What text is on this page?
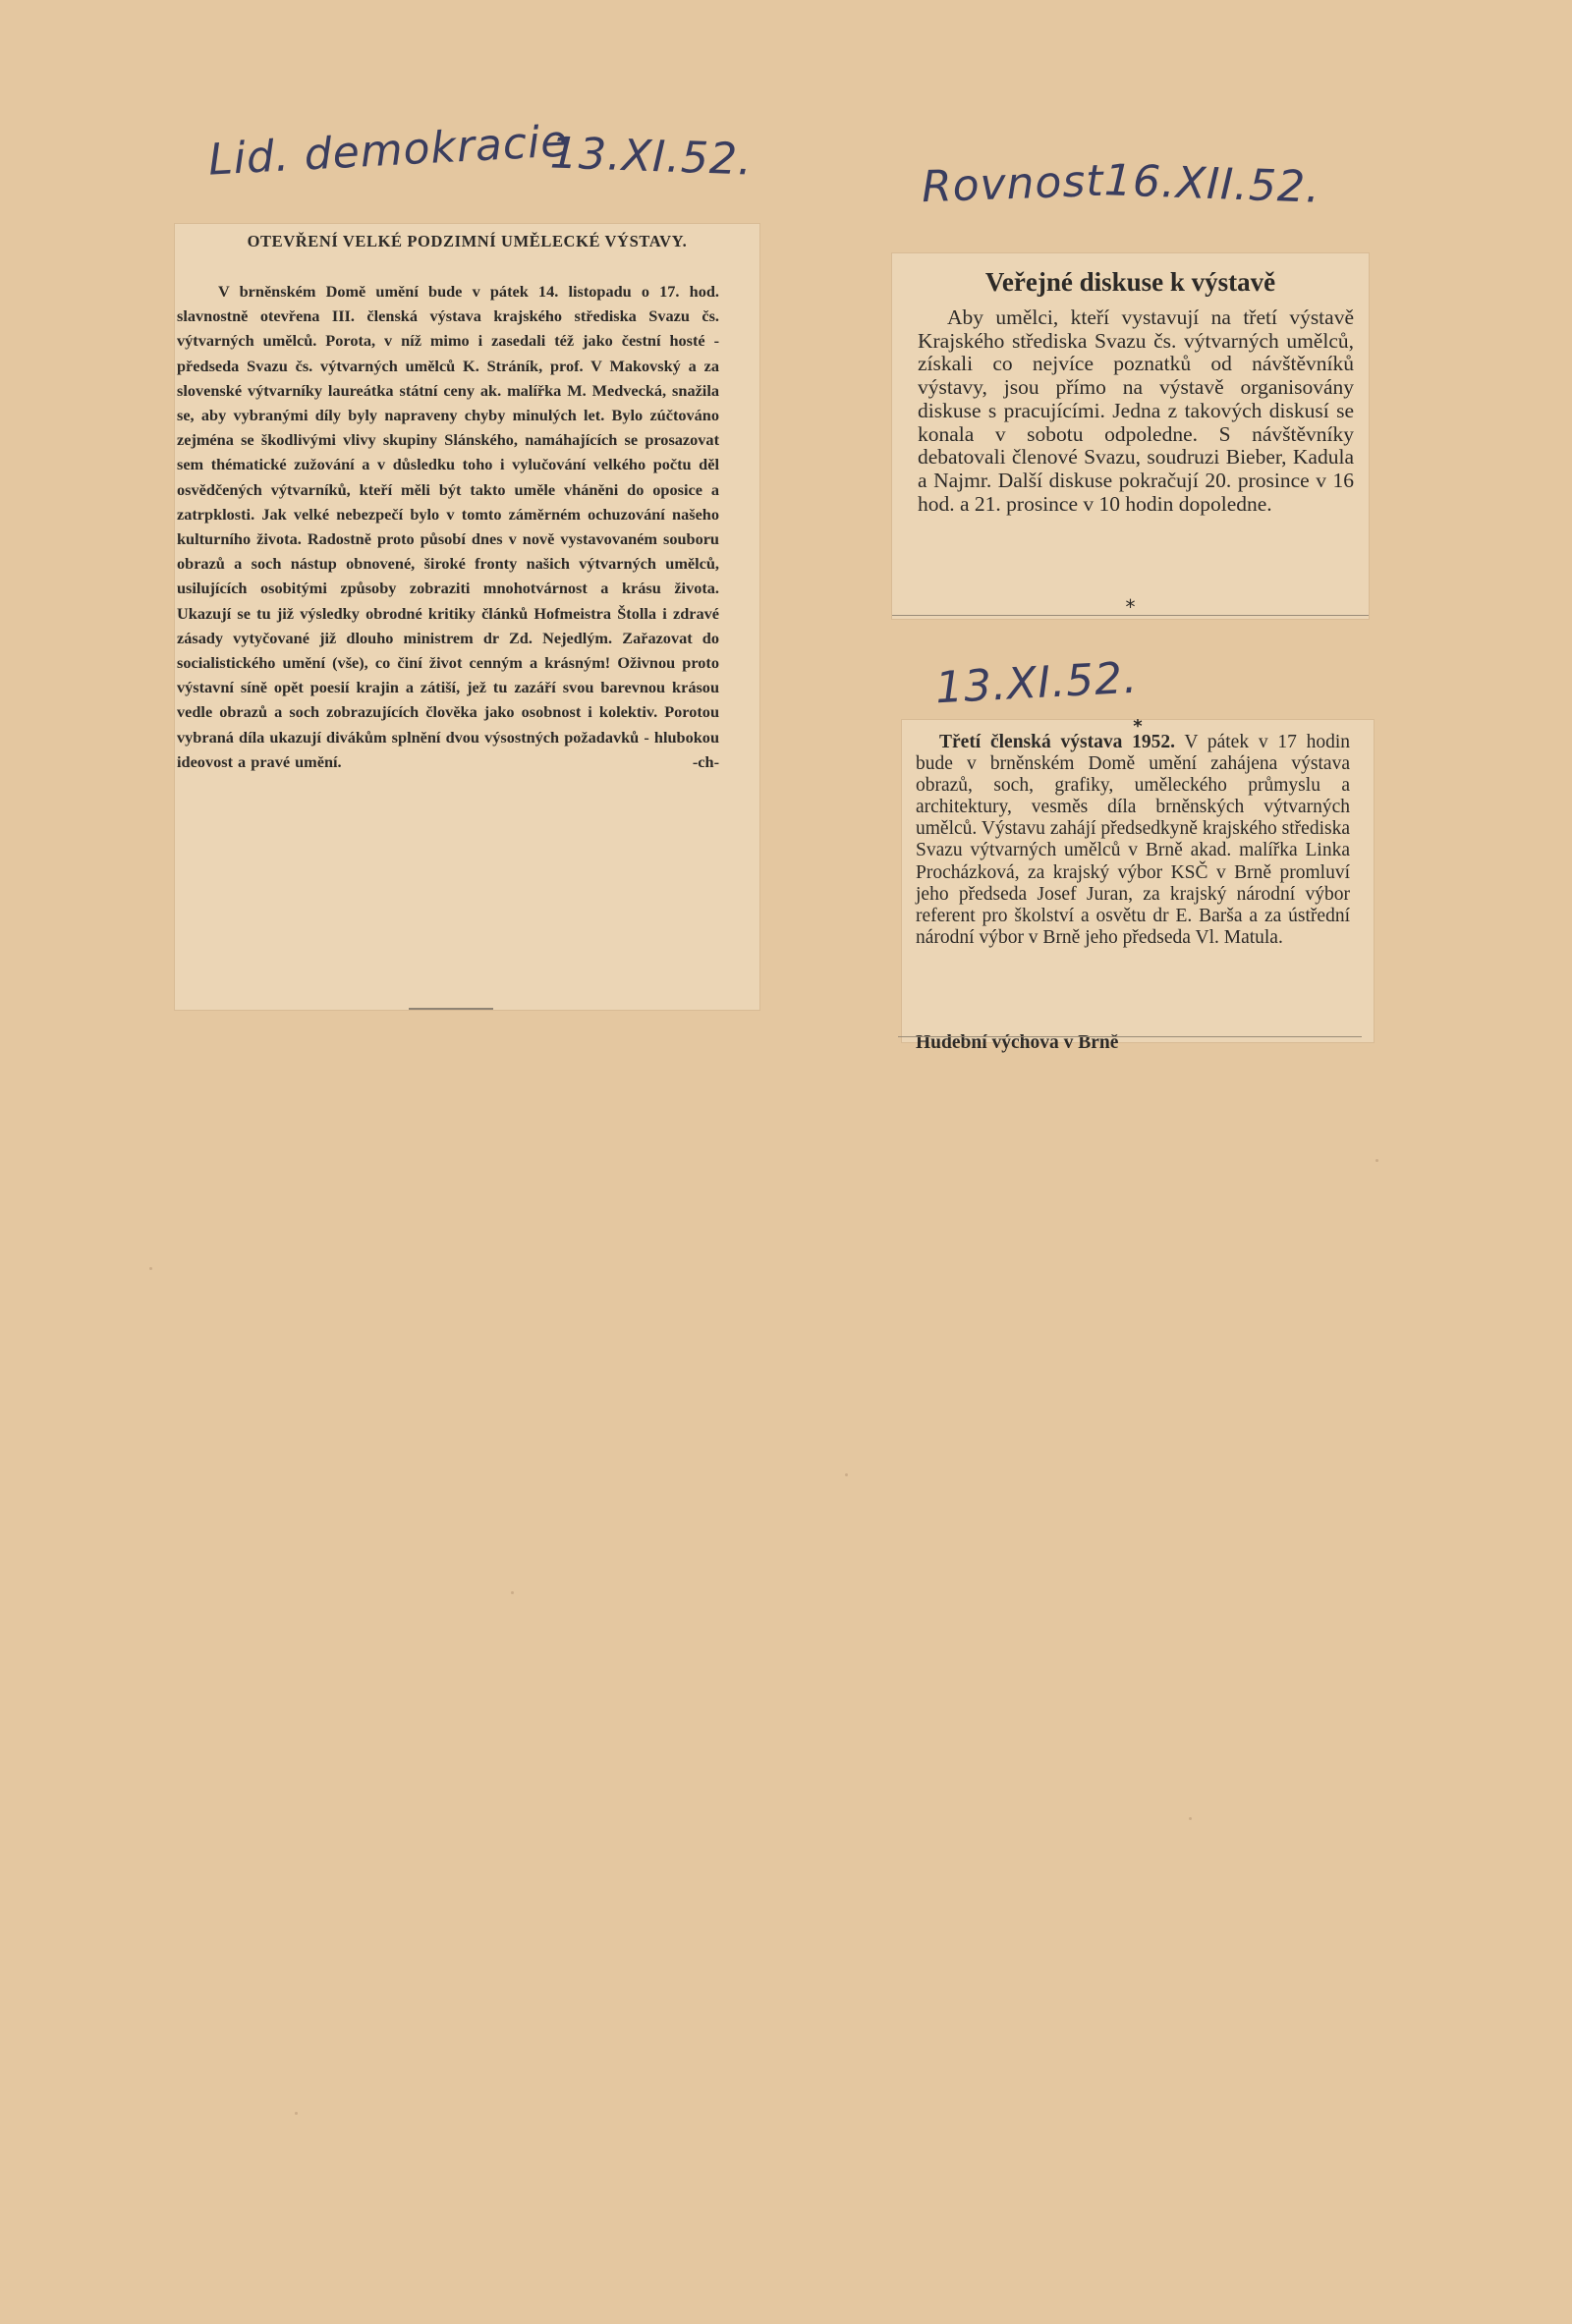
Lid. demokracie
13.XI.52.	Rovnost
16.XII.52.
13.XI.52.
OTEVŘENÍ VELKÉ PODZIMNÍ UMĚLECKÉ VÝSTAVY.
V brněnském Domě umění bude v pátek 14. listopadu o 17. hod. slavnostně otevřena III. členská výstava krajského střediska Svazu čs. výtvarných umělců. Porota, v níž mimo i zasedali též jako čestní hosté - předseda Svazu čs. výtvarných umělců K. Stráník, prof. V Makovský a za slovenské výtvarníky laureátka státní ceny ak. malířka M. Medvecká, snažila se, aby vybranými díly byly napraveny chyby minulých let. Bylo zúčtováno zejména se škodlivými vlivy skupiny Slánského, namáhajících se prosazovat sem thématické zužování a v důsledku toho i vylučování velkého počtu děl osvědčených výtvarníků, kteří měli být takto uměle vháněni do oposice a zatrpklosti. Jak velké nebezpečí bylo v tomto záměrném ochuzování našeho kulturního života. Radostně proto působí dnes v nově vystavovaném souboru obrazů a soch nástup obnovené, široké fronty našich výtvarných umělců, usilujících osobitými způsoby zobraziti mnohotvárnost a krásu života. Ukazují se tu již výsledky obrodné kritiky článků Hofmeistra Štolla i zdravé zásady vytyčované již dlouho ministrem dr Zd. Nejedlým. Zařazovat do socialistického umění (vše), co činí život cenným a krásným! Oživnou proto výstavní síně opět poesií krajin a zátiší, jež tu zazáří svou barevnou krásou vedle obrazů a soch zobrazujících člověka jako osobnost i kolektiv. Porotou vybraná díla ukazují divákům splnění dvou výsostných požadavků - hlubokou ideovost a pravé umění.	-ch-
Veřejné diskuse k výstavě
Aby umělci, kteří vystavují na třetí výstavě Krajského střediska Svazu čs. výtvarných umělců, získali co nejvíce poznatků od návštěvníků výstavy, jsou přímo na výstavě organisovány diskuse s pracujícími. Jedna z takových diskusí se konala v sobotu odpoledne. S návštěvníky debatovali členové Svazu, soudruzi Bieber, Kadula a Najmr. Další diskuse pokračují 20. prosince v 16 hod. a 21. prosince v 10 hodin dopoledne.
*
*
Třetí členská výstava 1952. V pátek v 17 hodin bude v brněnském Domě umění zahájena výstava obrazů, soch, grafiky, uměleckého průmyslu a architektury, vesměs díla brněnských výtvarných umělců. Výstavu zahájí předsedkyně krajského střediska Svazu výtvarných umělců v Brně akad. malířka Linka Procházková, za krajský výbor KSČ v Brně promluví jeho předseda Josef Juran, za krajský národní výbor referent pro školství a osvětu dr E. Barša a za ústřední národní výbor v Brně jeho předseda Vl. Matula.
Hudební výchova v Brně
